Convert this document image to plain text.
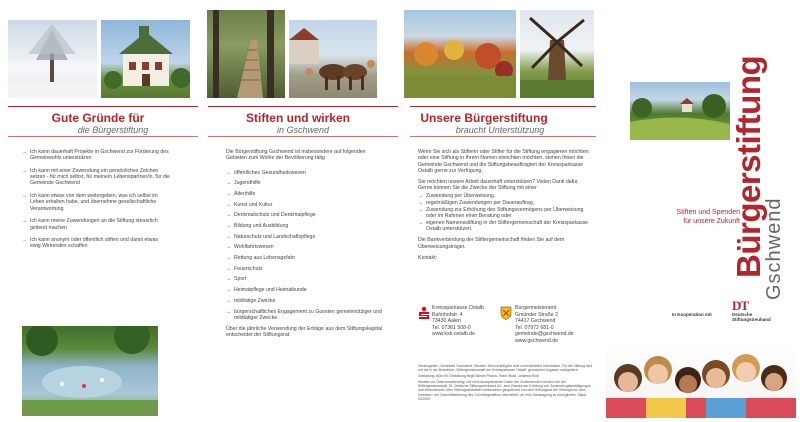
Gute Gründe für
die Bürgerstiftung
Stiften und wirken
in Gschwend
Unsere Bürgerstiftung
braucht Unterstützung
→ Ich kann dauerhaft Projekte in Gschwend zur Förderung des Gemeinwohls unterstützen
→ Ich kann mit einer Zuwendung ein persönliches Zeichen setzen - für mich selbst, für meine/n Lebenspartner/in, für die Gemeinde Gschwend
→ Ich kann etwas von dem weitergeben, was ich selbst im Leben erhalten habe, und übernehme gesellschaftliche Verantwortung
→ Ich kann meine Zuwendungen an die Stiftung steuerlich geltend machen
→ Ich kann anonym oder öffentlich stiften und damit etwas ewig Wirkendes schaffen
Die Bürgerstiftung Gschwend ist insbesondere auf folgenden Gebieten zum Wohle der Bevölkerung tätig
→ öffentliches Gesundheitswesen
→ Jugendhilfe
→ Altenhilfe
→ Kunst und Kultur
→ Denkmalschutz und Denkmalpflege
→ Bildung und Ausbildung
→ Naturschutz und Landschaftspflege
→ Wohlfahrtswesen
→ Rettung aus Lebensgefahr
→ Feuerschutz
→ Sport
→ Heimatpflege und Heimatkunde
→ mildtätige Zwecke
→ bürgerschaftliches Engagement zu Gunsten gemeinnütziger und mildtätiger Zwecke
Über die jährliche Verwendung der Erträge aus dem Stiftungskapital entscheidet der Stiftungsrat.
Wenn Sie sich als Stifterin oder Stifter für die Stiftung engagieren möchten oder eine Stiftung in Ihrem Namen einrichten möchten, stehen Ihnen die Gemeinde Gschwend und die Stiftungsbeauftragten der Kreissparkasse Ostalb gerne zur Verfügung.
Sie möchten unsere Arbeit dauerhaft unterstützen? Vielen Dank dafür. Gerne können Sie die Zwecke der Stiftung mit einer
→ Zuwendung per Überweisung,
→ regelmäßigen Zuwendungen per Dauerauftrag,
→ Zuwendung zur Erhöhung des Stiftungsvermögens per Überweisung oder im Rahmen einer Beratung oder
→ eigenen Namensstiftung in der Stiftergemeinschaft der Kreissparkasse Ostalb unterstützen.
Die Bankverbindung der Stiftergemeinschaft finden Sie auf dem Überweisungsträger.
Kontakt:
Kreissparkasse Ostalb
Bahnhofstr. 4
73430 Aalen
Tel. 07361 508-0
www.ksk-ostalb.de
Bürgermeisteramt
Gmünder Straße 2
74417 Gschwend
Tel. 07972 681-0
gemeinde@gschwend.de
www.gschwend.de
Herausgeber: Gemeinde Gschwend. Hinweis: Dies ist lediglich eine unverbindliche Information. Für die Stiftung sind nur die in der Broschüre „Stiftergemeinschaft der Kreissparkasse Ostalb" gemachten Angaben maßgeblich.
Gestaltung: Büro für Gestaltung Birgit Stiewe Photos: Team Wickl, Johanna Rodi
Hinweis zur Datenverarbeitung: Die nicht anonymisierten Daten der Zuwendenden werden von der Stiftergemeinschaft, Dt. Deutsche Stiftungstreuhand AG, zum Zwecke der Erteilung von Zuwendungsbestätigungen und Informationen über Stiftungsaktivitäten elektronisch gespeichert und dem Stiftungsrat der Stiftung bzw. dem Vorstand / der Geschäftsführung des Gründungsstifters übermittelt, um eine Danksagung zu ermöglichen. Stand 03/2020
Bürgerstiftung
Gschwend
Stiften und Spenden
für unsere Zukunft
In Kooperation mit
DT
Deutsche
Stiftungstreuhand
